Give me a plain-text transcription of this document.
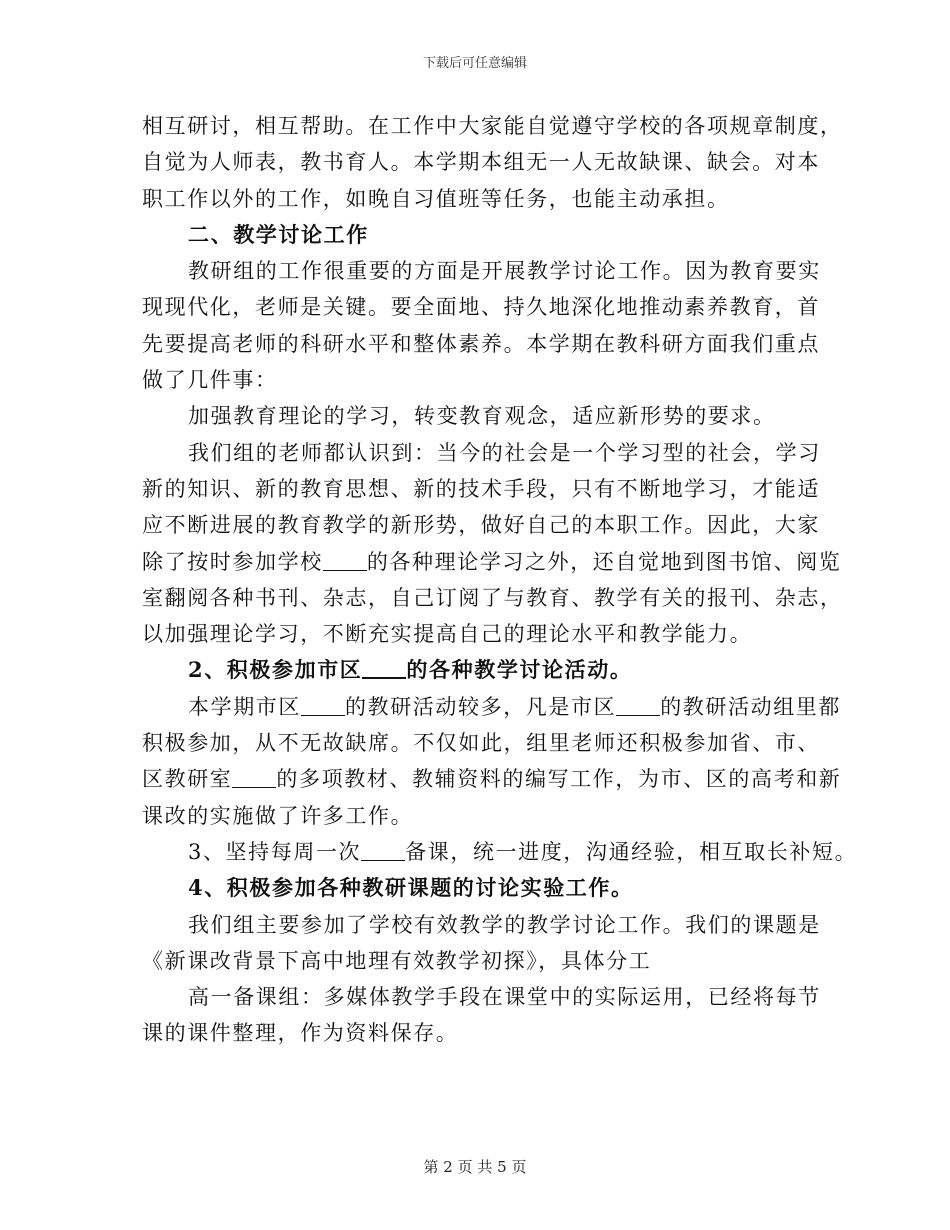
下载后可任意编辑
相互研讨，相互帮助。在工作中大家能自觉遵守学校的各项规章制度，
自觉为人师表，教书育人。本学期本组无一人无故缺课、缺会。对本
职工作以外的工作，如晚自习值班等任务，也能主动承担。
二、教学讨论工作
教研组的工作很重要的方面是开展教学讨论工作。因为教育要实
现现代化，老师是关键。要全面地、持久地深化地推动素养教育，首
先要提高老师的科研水平和整体素养。本学期在教科研方面我们重点
做了几件事：
加强教育理论的学习，转变教育观念，适应新形势的要求。
我们组的老师都认识到：当今的社会是一个学习型的社会，学习
新的知识、新的教育思想、新的技术手段，只有不断地学习，才能适
应不断进展的教育教学的新形势，做好自己的本职工作。因此，大家
除了按时参加学校 的各种理论学习之外，还自觉地到图书馆、阅览
室翻阅各种书刊、杂志，自己订阅了与教育、教学有关的报刊、杂志，
以加强理论学习，不断充实提高自己的理论水平和教学能力。
2、积极参加市区 的各种教学讨论活动。
本学期市区 的教研活动较多，凡是市区 的教研活动组里都
积极参加，从不无故缺席。不仅如此，组里老师还积极参加省、市、
区教研室 的多项教材、教辅资料的编写工作，为市、区的高考和新
课改的实施做了许多工作。
3、坚持每周一次 备课，统一进度，沟通经验，相互取长补短。
4、积极参加各种教研课题的讨论实验工作。
我们组主要参加了学校有效教学的教学讨论工作。我们的课题是
《新课改背景下高中地理有效教学初探》，具体分工
高一备课组：多媒体教学手段在课堂中的实际运用，已经将每节
课的课件整理，作为资料保存。
第 2 页 共 5 页
